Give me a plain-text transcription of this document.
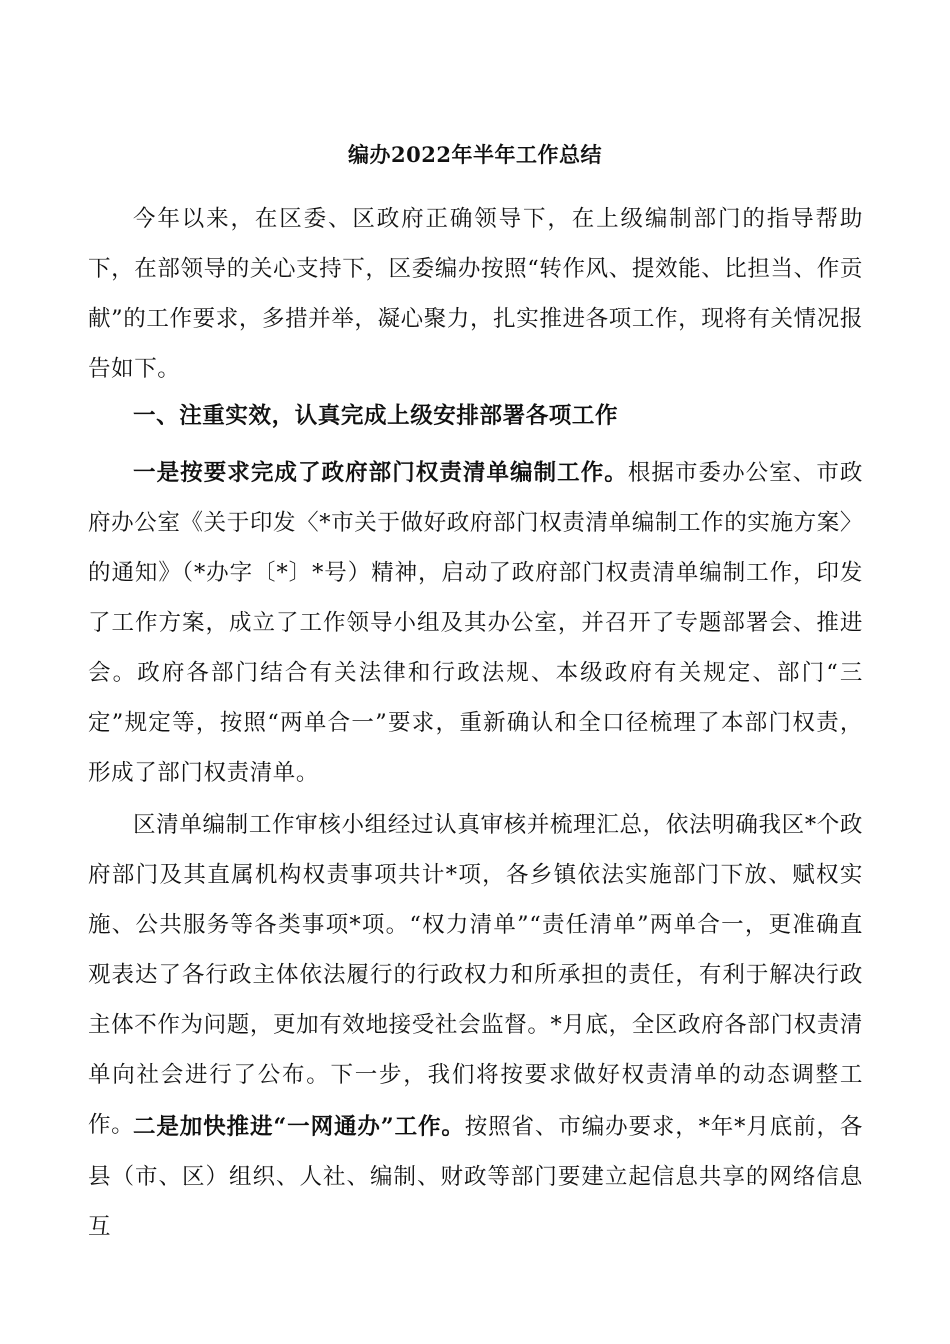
编办2022年半年工作总结

今年以来，在区委、区政府正确领导下，在上级编制部门的指导帮助下，在部领导的关心支持下，区委编办按照“转作风、提效能、比担当、作贡献”的工作要求，多措并举，凝心聚力，扎实推进各项工作，现将有关情况报告如下。

一、注重实效，认真完成上级安排部署各项工作

一是按要求完成了政府部门权责清单编制工作。根据市委办公室、市政府办公室《关于印发〈*市关于做好政府部门权责清单编制工作的实施方案〉的通知》（*办字〔*〕*号）精神，启动了政府部门权责清单编制工作，印发了工作方案，成立了工作领导小组及其办公室，并召开了专题部署会、推进会。政府各部门结合有关法律和行政法规、本级政府有关规定、部门“三定”规定等，按照“两单合一”要求，重新确认和全口径梳理了本部门权责，形成了部门权责清单。

区清单编制工作审核小组经过认真审核并梳理汇总，依法明确我区*个政府部门及其直属机构权责事项共计*项，各乡镇依法实施部门下放、赋权实施、公共服务等各类事项*项。“权力清单”“责任清单”两单合一，更准确直观表达了各行政主体依法履行的行政权力和所承担的责任，有利于解决行政主体不作为问题，更加有效地接受社会监督。*月底，全区政府各部门权责清单向社会进行了公布。下一步，我们将按要求做好权责清单的动态调整工作。

二是加快推进“一网通办”工作。按照省、市编办要求，*年*月底前，各县（市、区）组织、人社、编制、财政等部门要建立起信息共享的网络信息互
